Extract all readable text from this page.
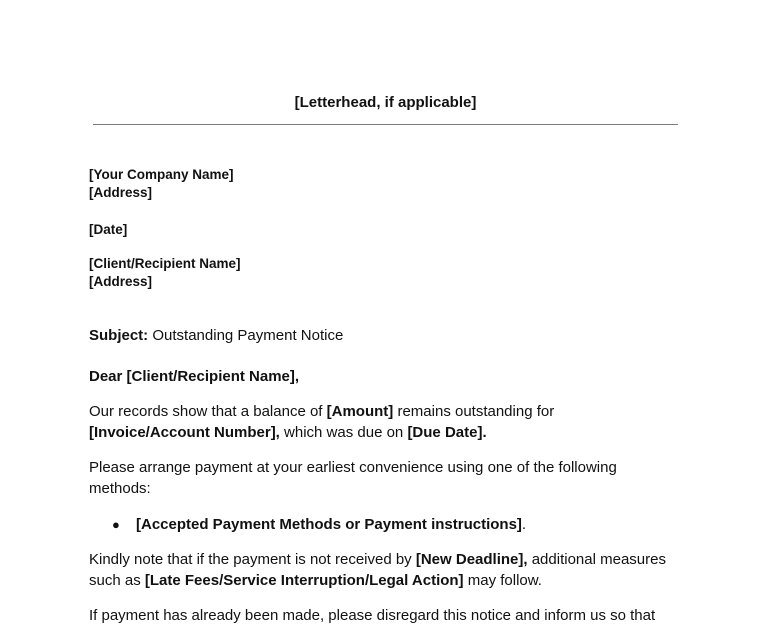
[Letterhead, if applicable]
[Your Company Name]
[Address]
[Date]
[Client/Recipient Name]
[Address]
Subject: Outstanding Payment Notice
Dear [Client/Recipient Name],
Our records show that a balance of [Amount] remains outstanding for
[Invoice/Account Number], which was due on [Due Date].
Please arrange payment at your earliest convenience using one of the following
methods:
● [Accepted Payment Methods or Payment instructions].
Kindly note that if the payment is not received by [New Deadline], additional measures
such as [Late Fees/Service Interruption/Legal Action] may follow.
If payment has already been made, please disregard this notice and inform us so that
